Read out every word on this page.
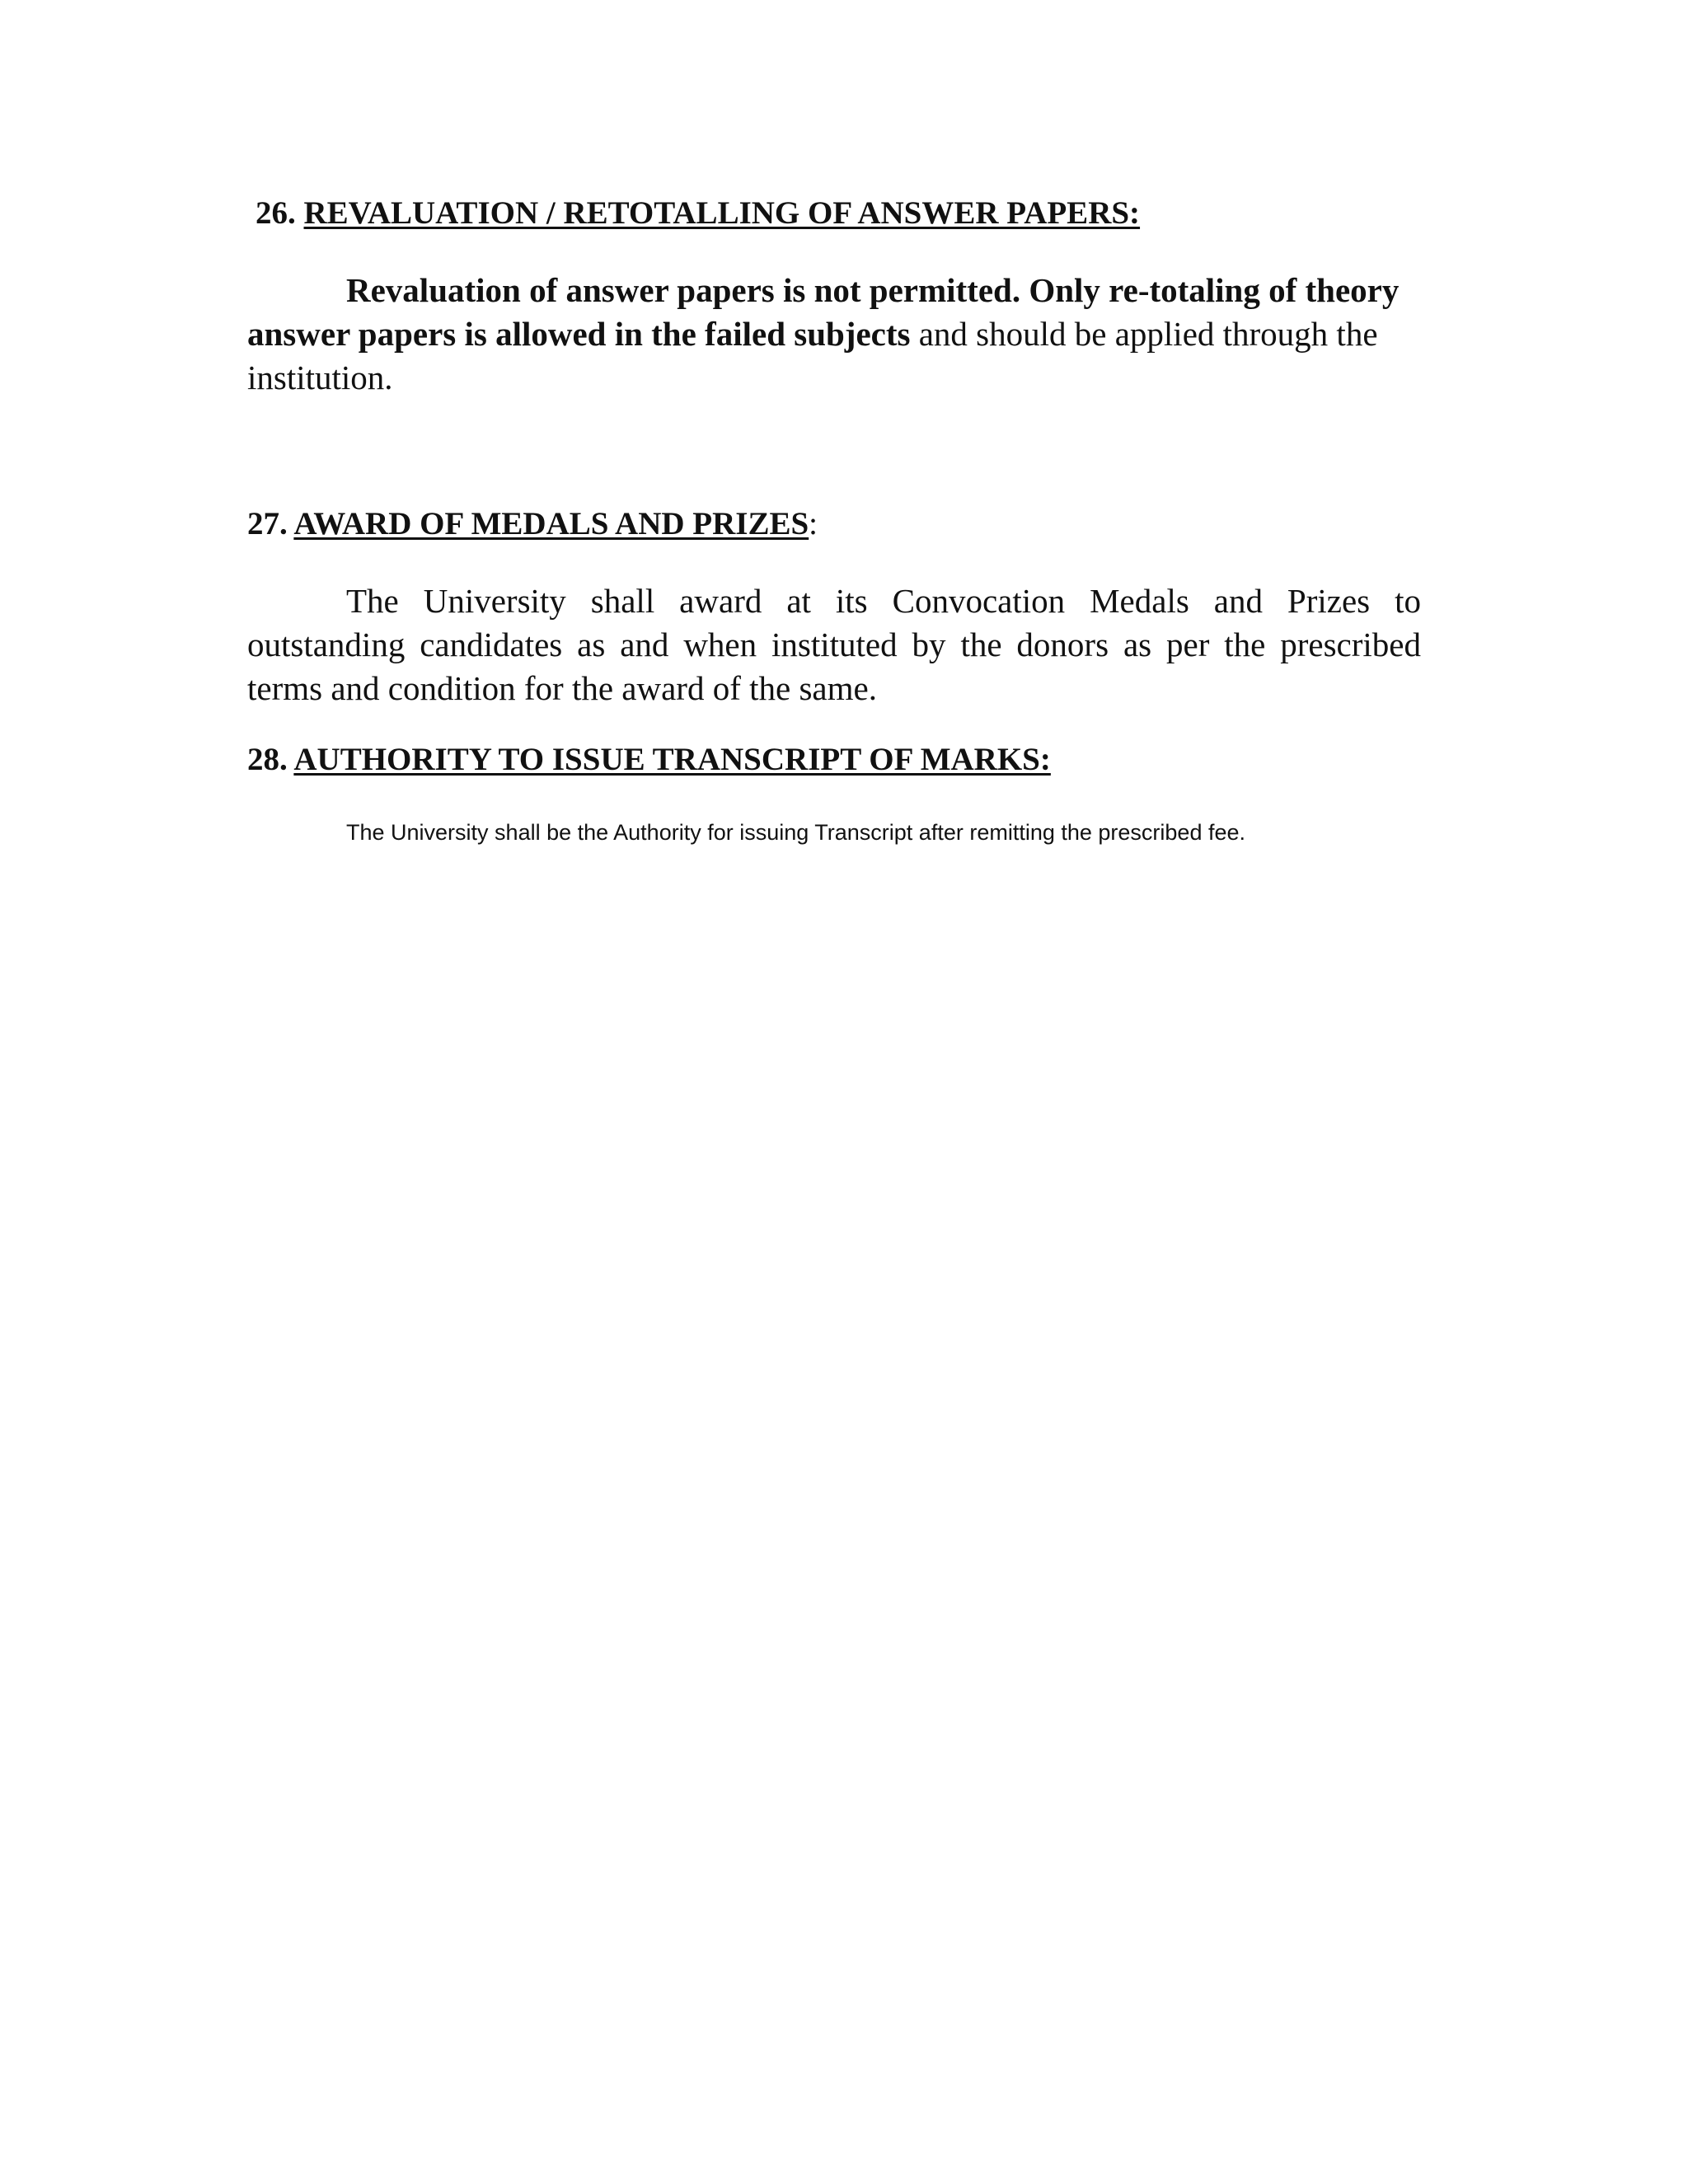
26. REVALUATION / RETOTALLING OF ANSWER PAPERS:

Revaluation of answer papers is not permitted. Only re-totaling of theory answer papers is allowed in the failed subjects and should be applied through the institution.

27. AWARD OF MEDALS AND PRIZES:

The University shall award at its Convocation Medals and Prizes to outstanding candidates as and when instituted by the donors as per the prescribed terms and condition for the award of the same.

28. AUTHORITY TO ISSUE TRANSCRIPT OF MARKS:

The University shall be the Authority for issuing Transcript after remitting the prescribed fee.
